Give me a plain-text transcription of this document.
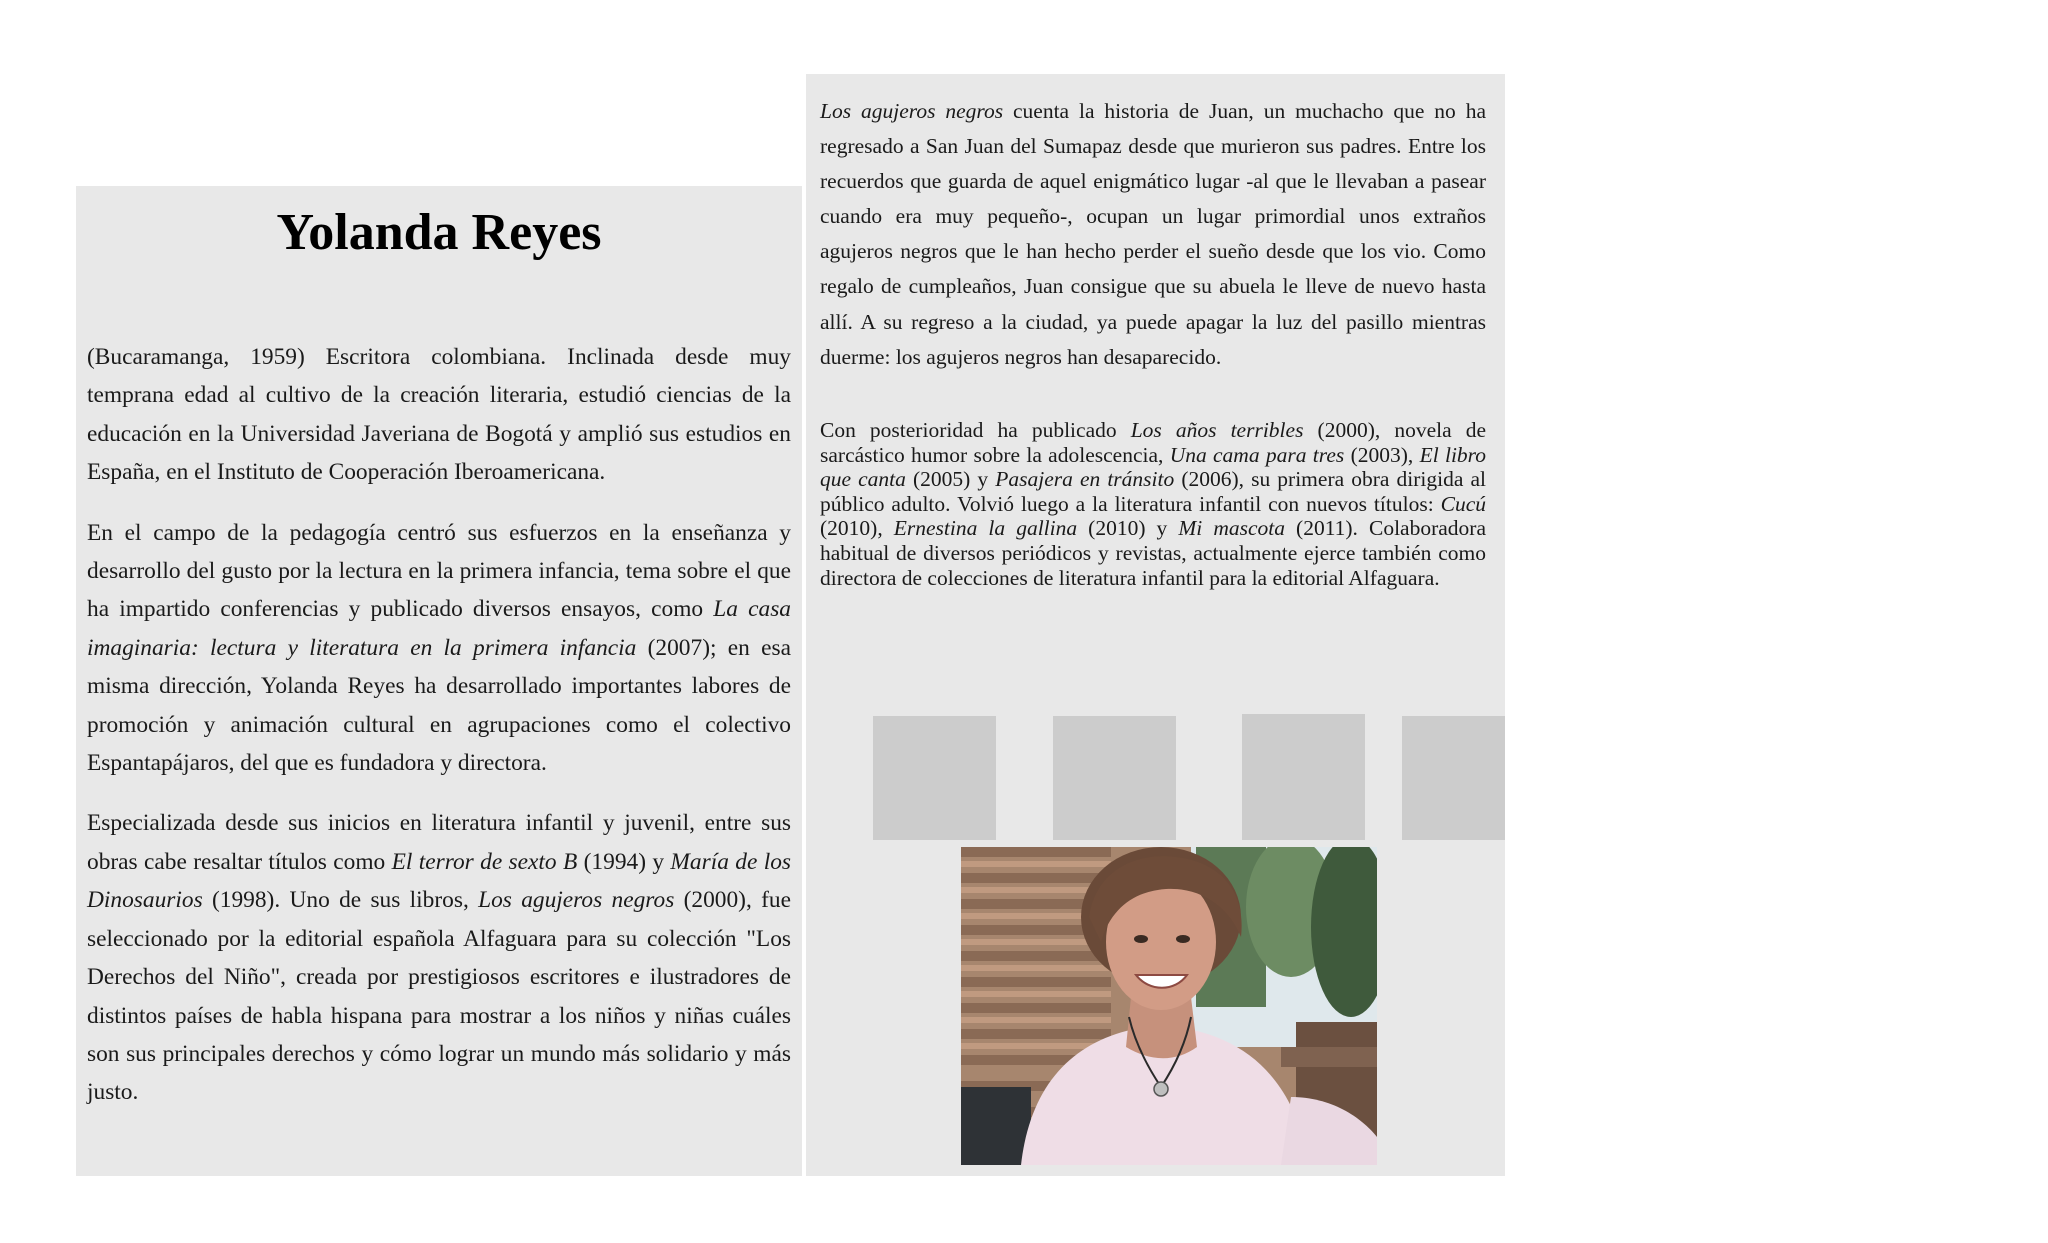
Yolanda Reyes

(Bucaramanga, 1959) Escritora colombiana. Inclinada desde muy temprana edad al cultivo de la creación literaria, estudió ciencias de la educación en la Universidad Javeriana de Bogotá y amplió sus estudios en España, en el Instituto de Cooperación Iberoamericana.

En el campo de la pedagogía centró sus esfuerzos en la enseñanza y desarrollo del gusto por la lectura en la primera infancia, tema sobre el que ha impartido conferencias y publicado diversos ensayos, como La casa imaginaria: lectura y literatura en la primera infancia (2007); en esa misma dirección, Yolanda Reyes ha desarrollado importantes labores de promoción y animación cultural en agrupaciones como el colectivo Espantapájaros, del que es fundadora y directora.

Especializada desde sus inicios en literatura infantil y juvenil, entre sus obras cabe resaltar títulos como El terror de sexto B (1994) y María de los Dinosaurios (1998). Uno de sus libros, Los agujeros negros (2000), fue seleccionado por la editorial española Alfaguara para su colección "Los Derechos del Niño", creada por prestigiosos escritores e ilustradores de distintos países de habla hispana para mostrar a los niños y niñas cuáles son sus principales derechos y cómo lograr un mundo más solidario y más justo.

Los agujeros negros cuenta la historia de Juan, un muchacho que no ha regresado a San Juan del Sumapaz desde que murieron sus padres. Entre los recuerdos que guarda de aquel enigmático lugar -al que le llevaban a pasear cuando era muy pequeño-, ocupan un lugar primordial unos extraños agujeros negros que le han hecho perder el sueño desde que los vio. Como regalo de cumpleaños, Juan consigue que su abuela le lleve de nuevo hasta allí. A su regreso a la ciudad, ya puede apagar la luz del pasillo mientras duerme: los agujeros negros han desaparecido.

Con posterioridad ha publicado Los años terribles (2000), novela de sarcástico humor sobre la adolescencia, Una cama para tres (2003), El libro que canta (2005) y Pasajera en tránsito (2006), su primera obra dirigida al público adulto. Volvió luego a la literatura infantil con nuevos títulos: Cucú (2010), Ernestina la gallina (2010) y Mi mascota (2011). Colaboradora habitual de diversos periódicos y revistas, actualmente ejerce también como directora de colecciones de literatura infantil para la editorial Alfaguara.
